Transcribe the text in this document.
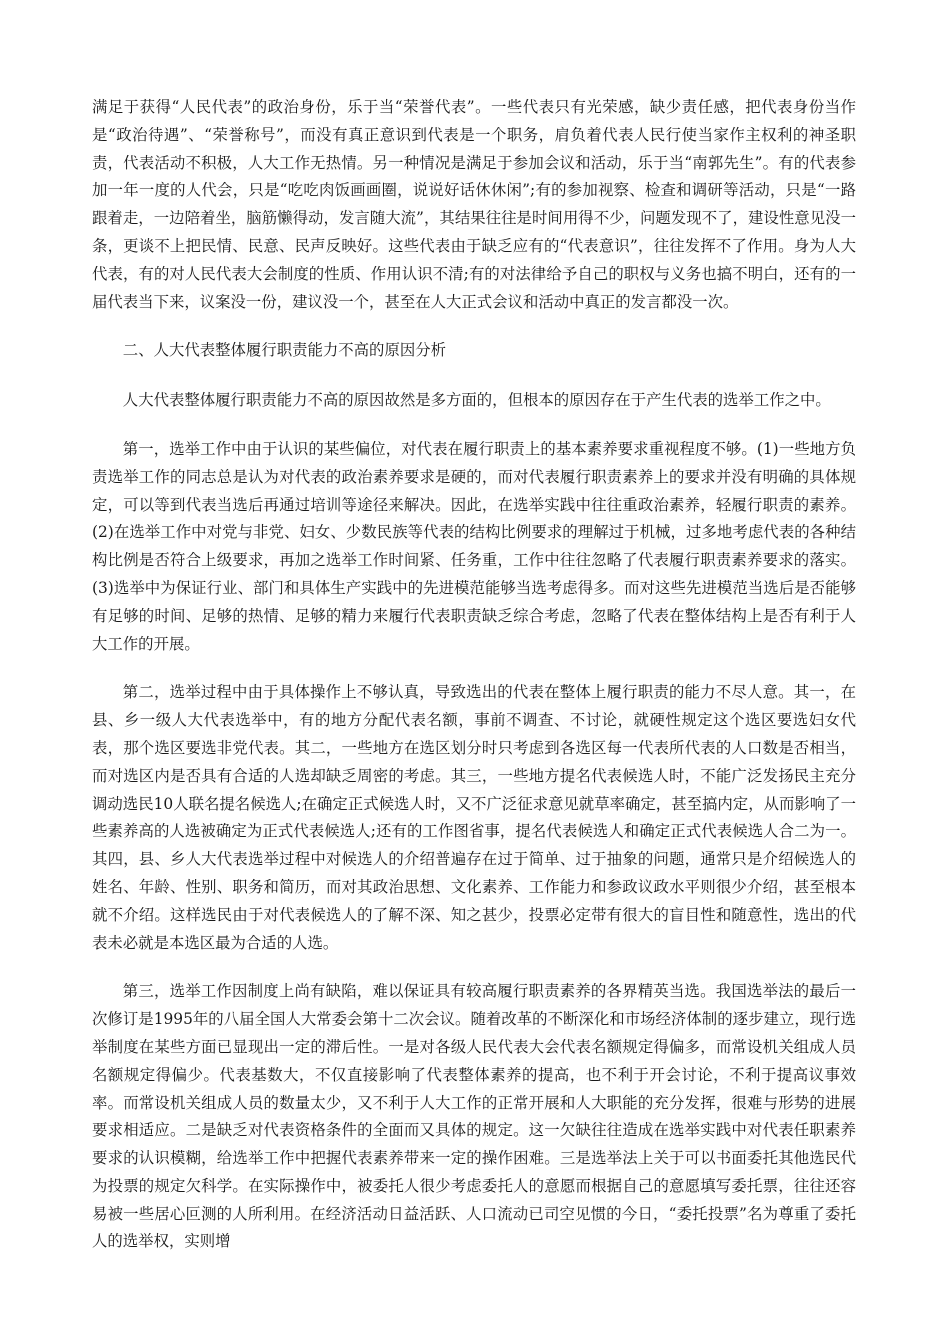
满足于获得“人民代表”的政治身份，乐于当“荣誉代表”。一些代表只有光荣感，缺少责任感，把代表身份当作是“政治待遇”、“荣誉称号”，而没有真正意识到代表是一个职务，肩负着代表人民行使当家作主权利的神圣职责，代表活动不积极，人大工作无热情。另一种情况是满足于参加会议和活动，乐于当“南郭先生”。有的代表参加一年一度的人代会，只是“吃吃肉饭画画圈，说说好话休休闲”;有的参加视察、检查和调研等活动，只是“一路跟着走，一边陪着坐，脑筋懒得动，发言随大流”，其结果往往是时间用得不少，问题发现不了，建设性意见没一条，更谈不上把民情、民意、民声反映好。这些代表由于缺乏应有的“代表意识”，往往发挥不了作用。身为人大代表，有的对人民代表大会制度的性质、作用认识不清;有的对法律给予自己的职权与义务也搞不明白，还有的一届代表当下来，议案没一份，建议没一个，甚至在人大正式会议和活动中真正的发言都没一次。

二、人大代表整体履行职责能力不高的原因分析

人大代表整体履行职责能力不高的原因故然是多方面的，但根本的原因存在于产生代表的选举工作之中。

第一，选举工作中由于认识的某些偏位，对代表在履行职责上的基本素养要求重视程度不够。(1)一些地方负责选举工作的同志总是认为对代表的政治素养要求是硬的，而对代表履行职责素养上的要求并没有明确的具体规定，可以等到代表当选后再通过培训等途径来解决。因此，在选举实践中往往重政治素养，轻履行职责的素养。(2)在选举工作中对党与非党、妇女、少数民族等代表的结构比例要求的理解过于机械，过多地考虑代表的各种结构比例是否符合上级要求，再加之选举工作时间紧、任务重，工作中往往忽略了代表履行职责素养要求的落实。(3)选举中为保证行业、部门和具体生产实践中的先进模范能够当选考虑得多。而对这些先进模范当选后是否能够有足够的时间、足够的热情、足够的精力来履行代表职责缺乏综合考虑，忽略了代表在整体结构上是否有利于人大工作的开展。

第二，选举过程中由于具体操作上不够认真，导致选出的代表在整体上履行职责的能力不尽人意。其一，在县、乡一级人大代表选举中，有的地方分配代表名额，事前不调查、不讨论，就硬性规定这个选区要选妇女代表，那个选区要选非党代表。其二，一些地方在选区划分时只考虑到各选区每一代表所代表的人口数是否相当，而对选区内是否具有合适的人选却缺乏周密的考虑。其三，一些地方提名代表候选人时，不能广泛发扬民主充分调动选民10人联名提名候选人;在确定正式候选人时，又不广泛征求意见就草率确定，甚至搞内定，从而影响了一些素养高的人选被确定为正式代表候选人;还有的工作图省事，提名代表候选人和确定正式代表候选人合二为一。其四，县、乡人大代表选举过程中对候选人的介绍普遍存在过于简单、过于抽象的问题，通常只是介绍候选人的姓名、年龄、性别、职务和简历，而对其政治思想、文化素养、工作能力和参政议政水平则很少介绍，甚至根本就不介绍。这样选民由于对代表候选人的了解不深、知之甚少，投票必定带有很大的盲目性和随意性，选出的代表未必就是本选区最为合适的人选。

第三，选举工作因制度上尚有缺陷，难以保证具有较高履行职责素养的各界精英当选。我国选举法的最后一次修订是1995年的八届全国人大常委会第十二次会议。随着改革的不断深化和市场经济体制的逐步建立，现行选举制度在某些方面已显现出一定的滞后性。一是对各级人民代表大会代表名额规定得偏多，而常设机关组成人员名额规定得偏少。代表基数大，不仅直接影响了代表整体素养的提高，也不利于开会讨论，不利于提高议事效率。而常设机关组成人员的数量太少，又不利于人大工作的正常开展和人大职能的充分发挥，很难与形势的进展要求相适应。二是缺乏对代表资格条件的全面而又具体的规定。这一欠缺往往造成在选举实践中对代表任职素养要求的认识模糊，给选举工作中把握代表素养带来一定的操作困难。三是选举法上关于可以书面委托其他选民代为投票的规定欠科学。在实际操作中，被委托人很少考虑委托人的意愿而根据自己的意愿填写委托票，往往还容易被一些居心叵测的人所利用。在经济活动日益活跃、人口流动已司空见惯的今日，“委托投票”名为尊重了委托人的选举权，实则增
